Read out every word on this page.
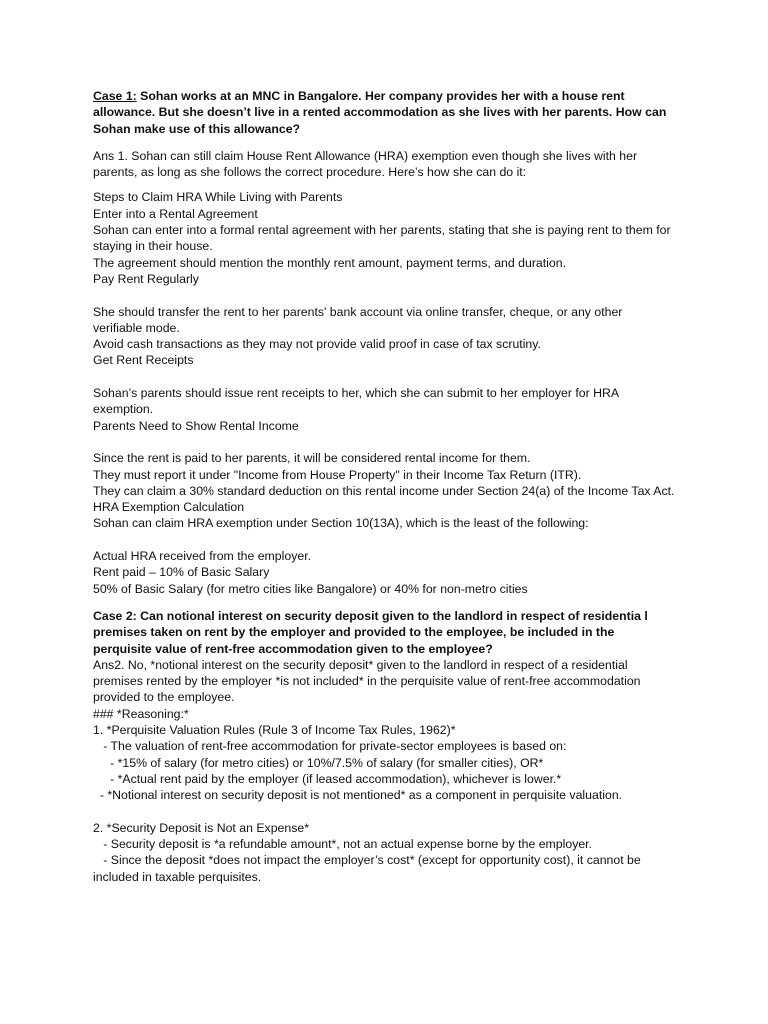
Case 1: Sohan works at an MNC in Bangalore. Her company provides her with a house rent allowance. But she doesn’t live in a rented accommodation as she lives with her parents. How can Sohan make use of this allowance?

Ans 1. Sohan can still claim House Rent Allowance (HRA) exemption even though she lives with her parents, as long as she follows the correct procedure. Here’s how she can do it:

Steps to Claim HRA While Living with Parents

Enter into a Rental Agreement

Sohan can enter into a formal rental agreement with her parents, stating that she is paying rent to them for staying in their house.

The agreement should mention the monthly rent amount, payment terms, and duration.

Pay Rent Regularly

She should transfer the rent to her parents' bank account via online transfer, cheque, or any other verifiable mode.

Avoid cash transactions as they may not provide valid proof in case of tax scrutiny.

Get Rent Receipts

Sohan’s parents should issue rent receipts to her, which she can submit to her employer for HRA exemption.

Parents Need to Show Rental Income

Since the rent is paid to her parents, it will be considered rental income for them.

They must report it under "Income from House Property" in their Income Tax Return (ITR).

They can claim a 30% standard deduction on this rental income under Section 24(a) of the Income Tax Act.

HRA Exemption Calculation

Sohan can claim HRA exemption under Section 10(13A), which is the least of the following:

Actual HRA received from the employer.

Rent paid – 10% of Basic Salary

50% of Basic Salary (for metro cities like Bangalore) or 40% for non-metro cities

Case 2: Can notional interest on security deposit given to the landlord in respect of residentia l premises taken on rent by the employer and provided to the employee, be included in the perquisite value of rent-free accommodation given to the employee?

Ans2. No, *notional interest on the security deposit* given to the landlord in respect of a residential premises rented by the employer *is not included* in the perquisite value of rent-free accommodation provided to the employee.

### *Reasoning:*

1. *Perquisite Valuation Rules (Rule 3 of Income Tax Rules, 1962)*

- The valuation of rent-free accommodation for private-sector employees is based on:

- *15% of salary (for metro cities) or 10%/7.5% of salary (for smaller cities), OR*

- *Actual rent paid by the employer (if leased accommodation), whichever is lower.*

- *Notional interest on security deposit is not mentioned* as a component in perquisite valuation.

2. *Security Deposit is Not an Expense*

- Security deposit is *a refundable amount*, not an actual expense borne by the employer.

- Since the deposit *does not impact the employer’s cost* (except for opportunity cost), it cannot be included in taxable perquisites.
